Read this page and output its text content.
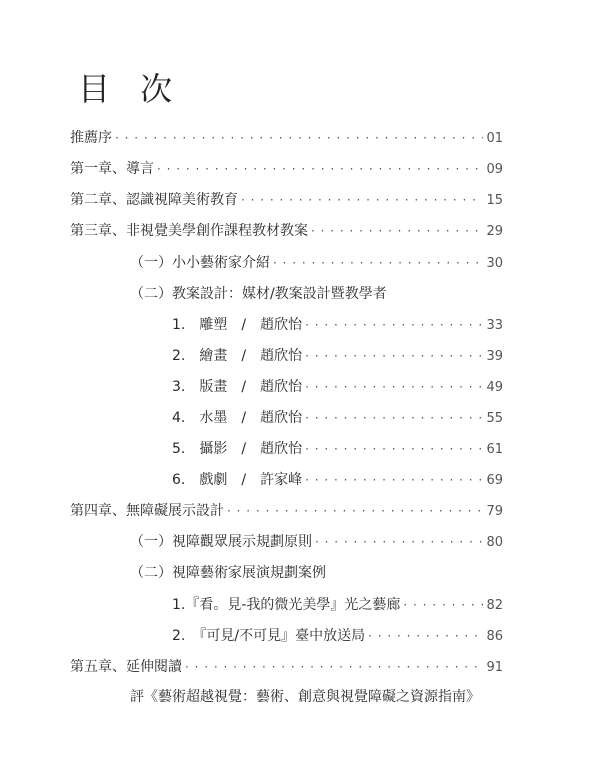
目 次
推薦序 · · ·	01
第一章、導言 · · ·	09
第二章、認識視障美術教育 · · ·	15
第三章、非視覺美學創作課程教材教案 · · ·	29
（一）小小藝術家介紹 · · ·	30
（二）教案設計：媒材/教案設計暨教學者
1.　雕塑　/　趙欣怡 · · ·	33
2.　繪畫　/　趙欣怡 · · ·	39
3.　版畫　/　趙欣怡 · · ·	49
4.　水墨　/　趙欣怡 · · ·	55
5.　攝影　/　趙欣怡 · · ·	61
6.　戲劇　/　許家峰 · · ·	69
第四章、無障礙展示設計 · · ·	79
（一）視障觀眾展示規劃原則 · · ·	80
（二）視障藝術家展演規劃案例
1.『看。見-我的微光美學』光之藝廊 · · ·	82
2.　『可見/不可見』臺中放送局 · · ·	86
第五章、延伸閱讀 · · ·	91
評《藝術超越視覺：藝術、創意與視覺障礙之資源指南》
